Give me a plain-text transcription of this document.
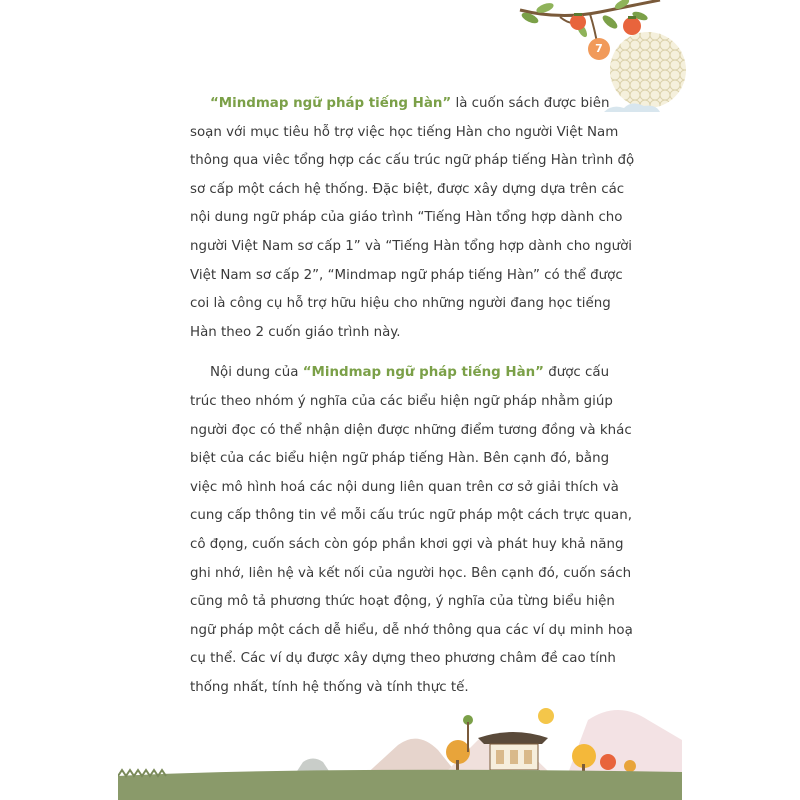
7

“Mindmap ngữ pháp tiếng Hàn” là cuốn sách được biên
soạn với mục tiêu hỗ trợ việc học tiếng Hàn cho người Việt Nam
thông qua viêc tổng hợp các cấu trúc ngữ pháp tiếng Hàn trình độ
sơ cấp một cách hệ thống. Đặc biệt, được xây dựng dựa trên các
nội dung ngữ pháp của giáo trình “Tiếng Hàn tổng hợp dành cho
người Việt Nam sơ cấp 1” và “Tiếng Hàn tổng hợp dành cho người
Việt Nam sơ cấp 2”, “Mindmap ngữ pháp tiếng Hàn” có thể được
coi là công cụ hỗ trợ hữu hiệu cho những người đang học tiếng
Hàn theo 2 cuốn giáo trình này.

Nội dung của “Mindmap ngữ pháp tiếng Hàn” được cấu
trúc theo nhóm ý nghĩa của các biểu hiện ngữ pháp nhằm giúp
người đọc có thể nhận diện được những điểm tương đồng và khác
biệt của các biểu hiện ngữ pháp tiếng Hàn. Bên cạnh đó, bằng
việc mô hình hoá các nội dung liên quan trên cơ sở giải thích và
cung cấp thông tin về mỗi cấu trúc ngữ pháp một cách trực quan,
cô đọng, cuốn sách còn góp phần khơi gợi và phát huy khả năng
ghi nhớ, liên hệ và kết nối của người học. Bên cạnh đó, cuốn sách
cũng mô tả phương thức hoạt động, ý nghĩa của từng biểu hiện
ngữ pháp một cách dễ hiểu, dễ nhớ thông qua các ví dụ minh hoạ
cụ thể. Các ví dụ được xây dựng theo phương châm đề cao tính
thống nhất, tính hệ thống và tính thực tế.
